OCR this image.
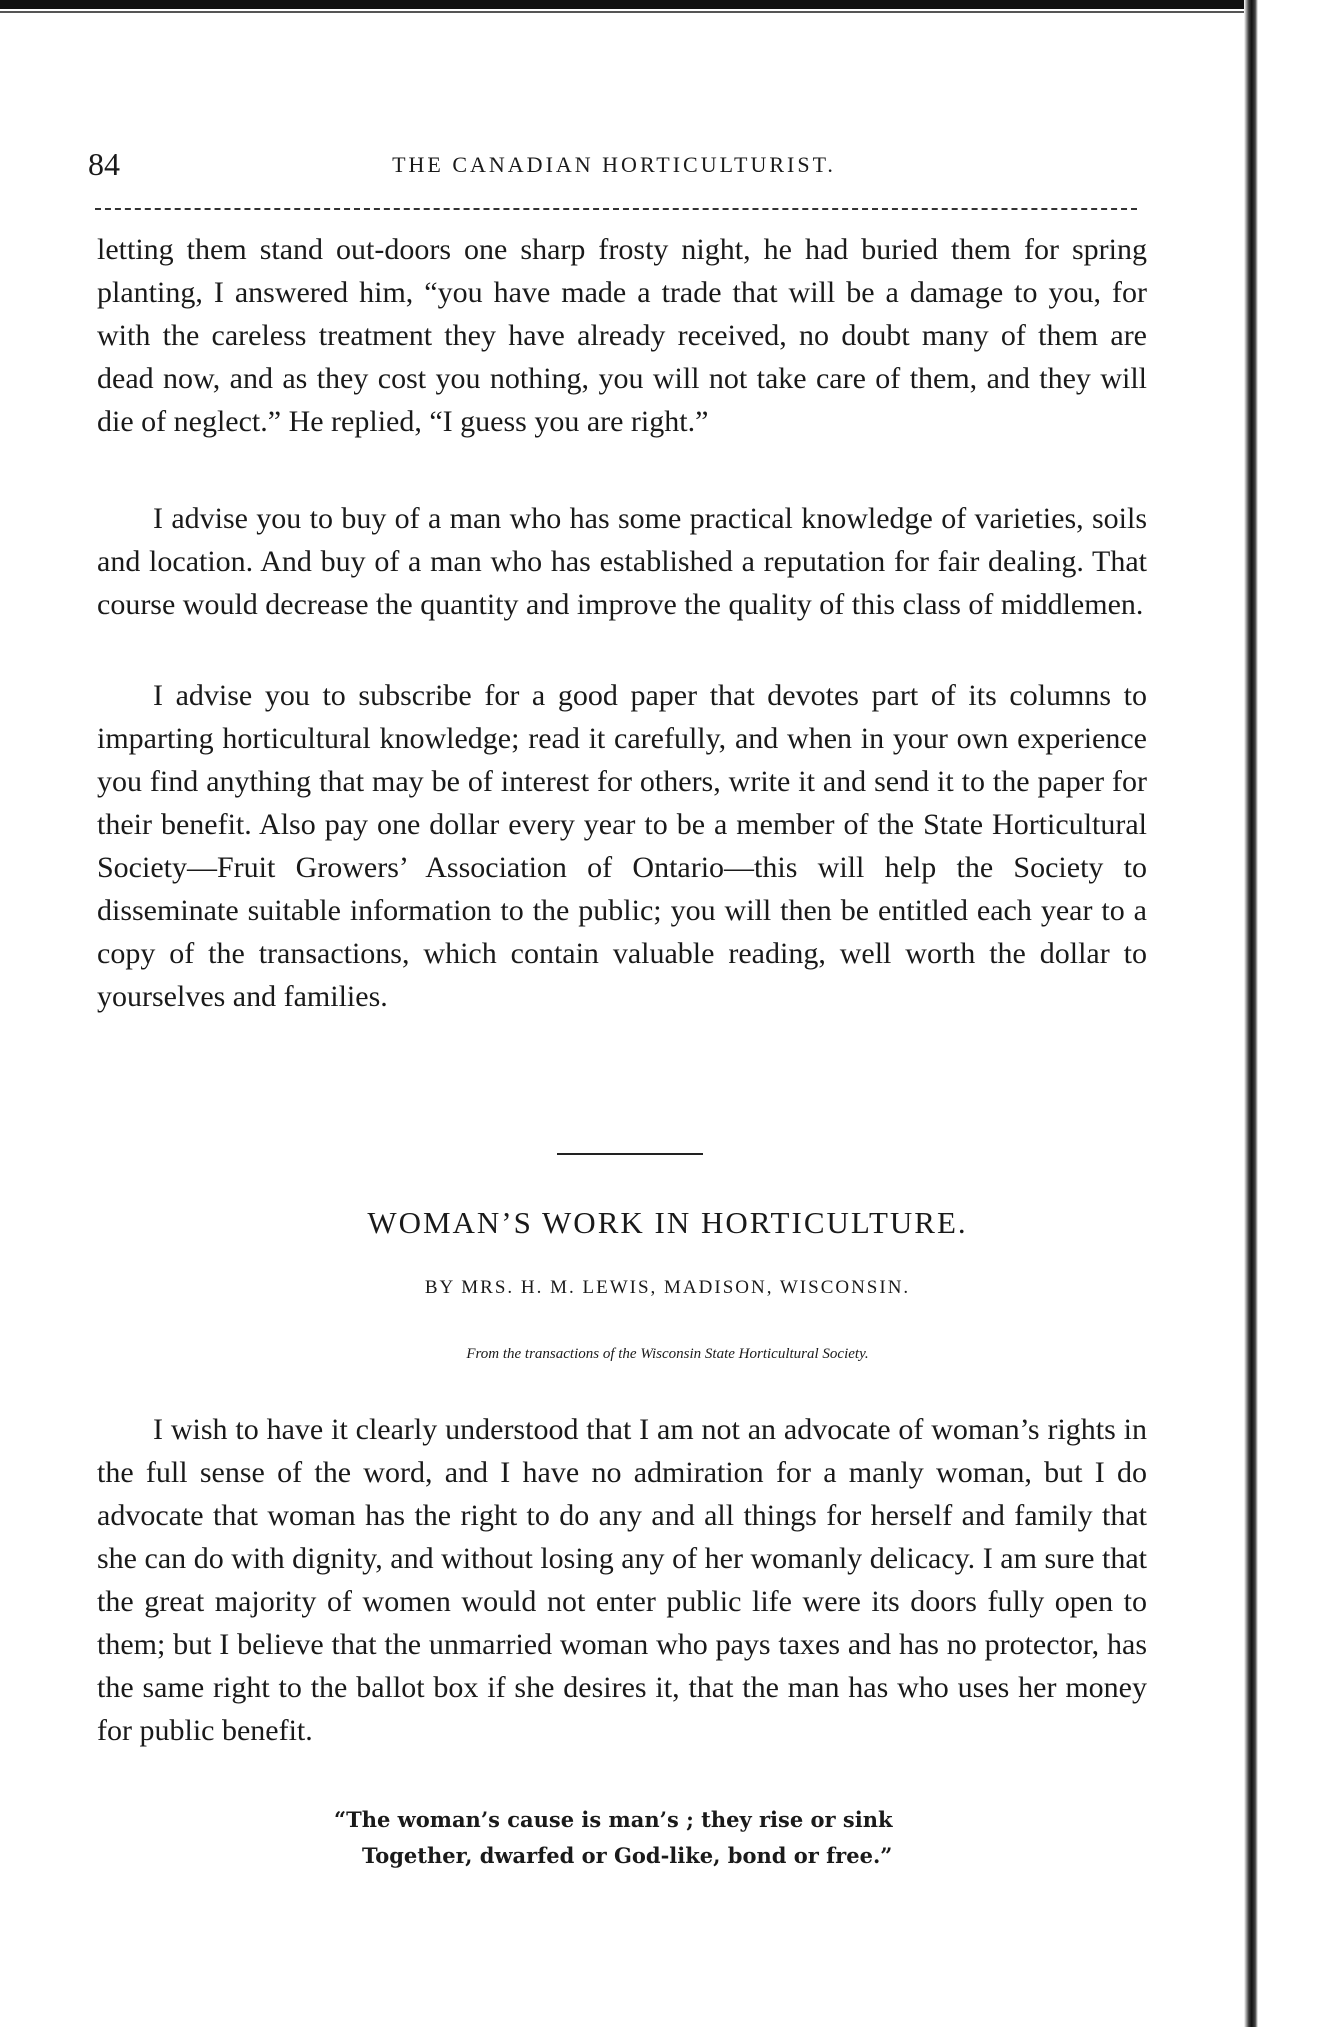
84	THE CANADIAN HORTICULTURIST.

letting them stand out-doors one sharp frosty night, he had buried them for spring planting, I answered him, “you have made a trade that will be a damage to you, for with the careless treatment they have already received, no doubt many of them are dead now, and as they cost you nothing, you will not take care of them, and they will die of neglect.” He replied, “I guess you are right.”

I advise you to buy of a man who has some practical knowledge of varieties, soils and location. And buy of a man who has established a reputation for fair dealing. That course would decrease the quantity and improve the quality of this class of middlemen.

I advise you to subscribe for a good paper that devotes part of its columns to imparting horticultural knowledge; read it carefully, and when in your own experience you find anything that may be of interest for others, write it and send it to the paper for their benefit. Also pay one dollar every year to be a member of the State Horticultural Society—Fruit Growers’ Association of Ontario—this will help the Society to disseminate suitable information to the public; you will then be entitled each year to a copy of the transactions, which contain valuable reading, well worth the dollar to yourselves and families.

WOMAN’S WORK IN HORTICULTURE.

BY MRS. H. M. LEWIS, MADISON, WISCONSIN.

From the transactions of the Wisconsin State Horticultural Society.

I wish to have it clearly understood that I am not an advocate of woman’s rights in the full sense of the word, and I have no admiration for a manly woman, but I do advocate that woman has the right to do any and all things for herself and family that she can do with dignity, and without losing any of her womanly delicacy. I am sure that the great majority of women would not enter public life were its doors fully open to them; but I believe that the unmarried woman who pays taxes and has no protector, has the same right to the ballot box if she desires it, that the man has who uses her money for public benefit.

“The woman’s cause is man’s ; they rise or sink
Together, dwarfed or God-like, bond or free.”
